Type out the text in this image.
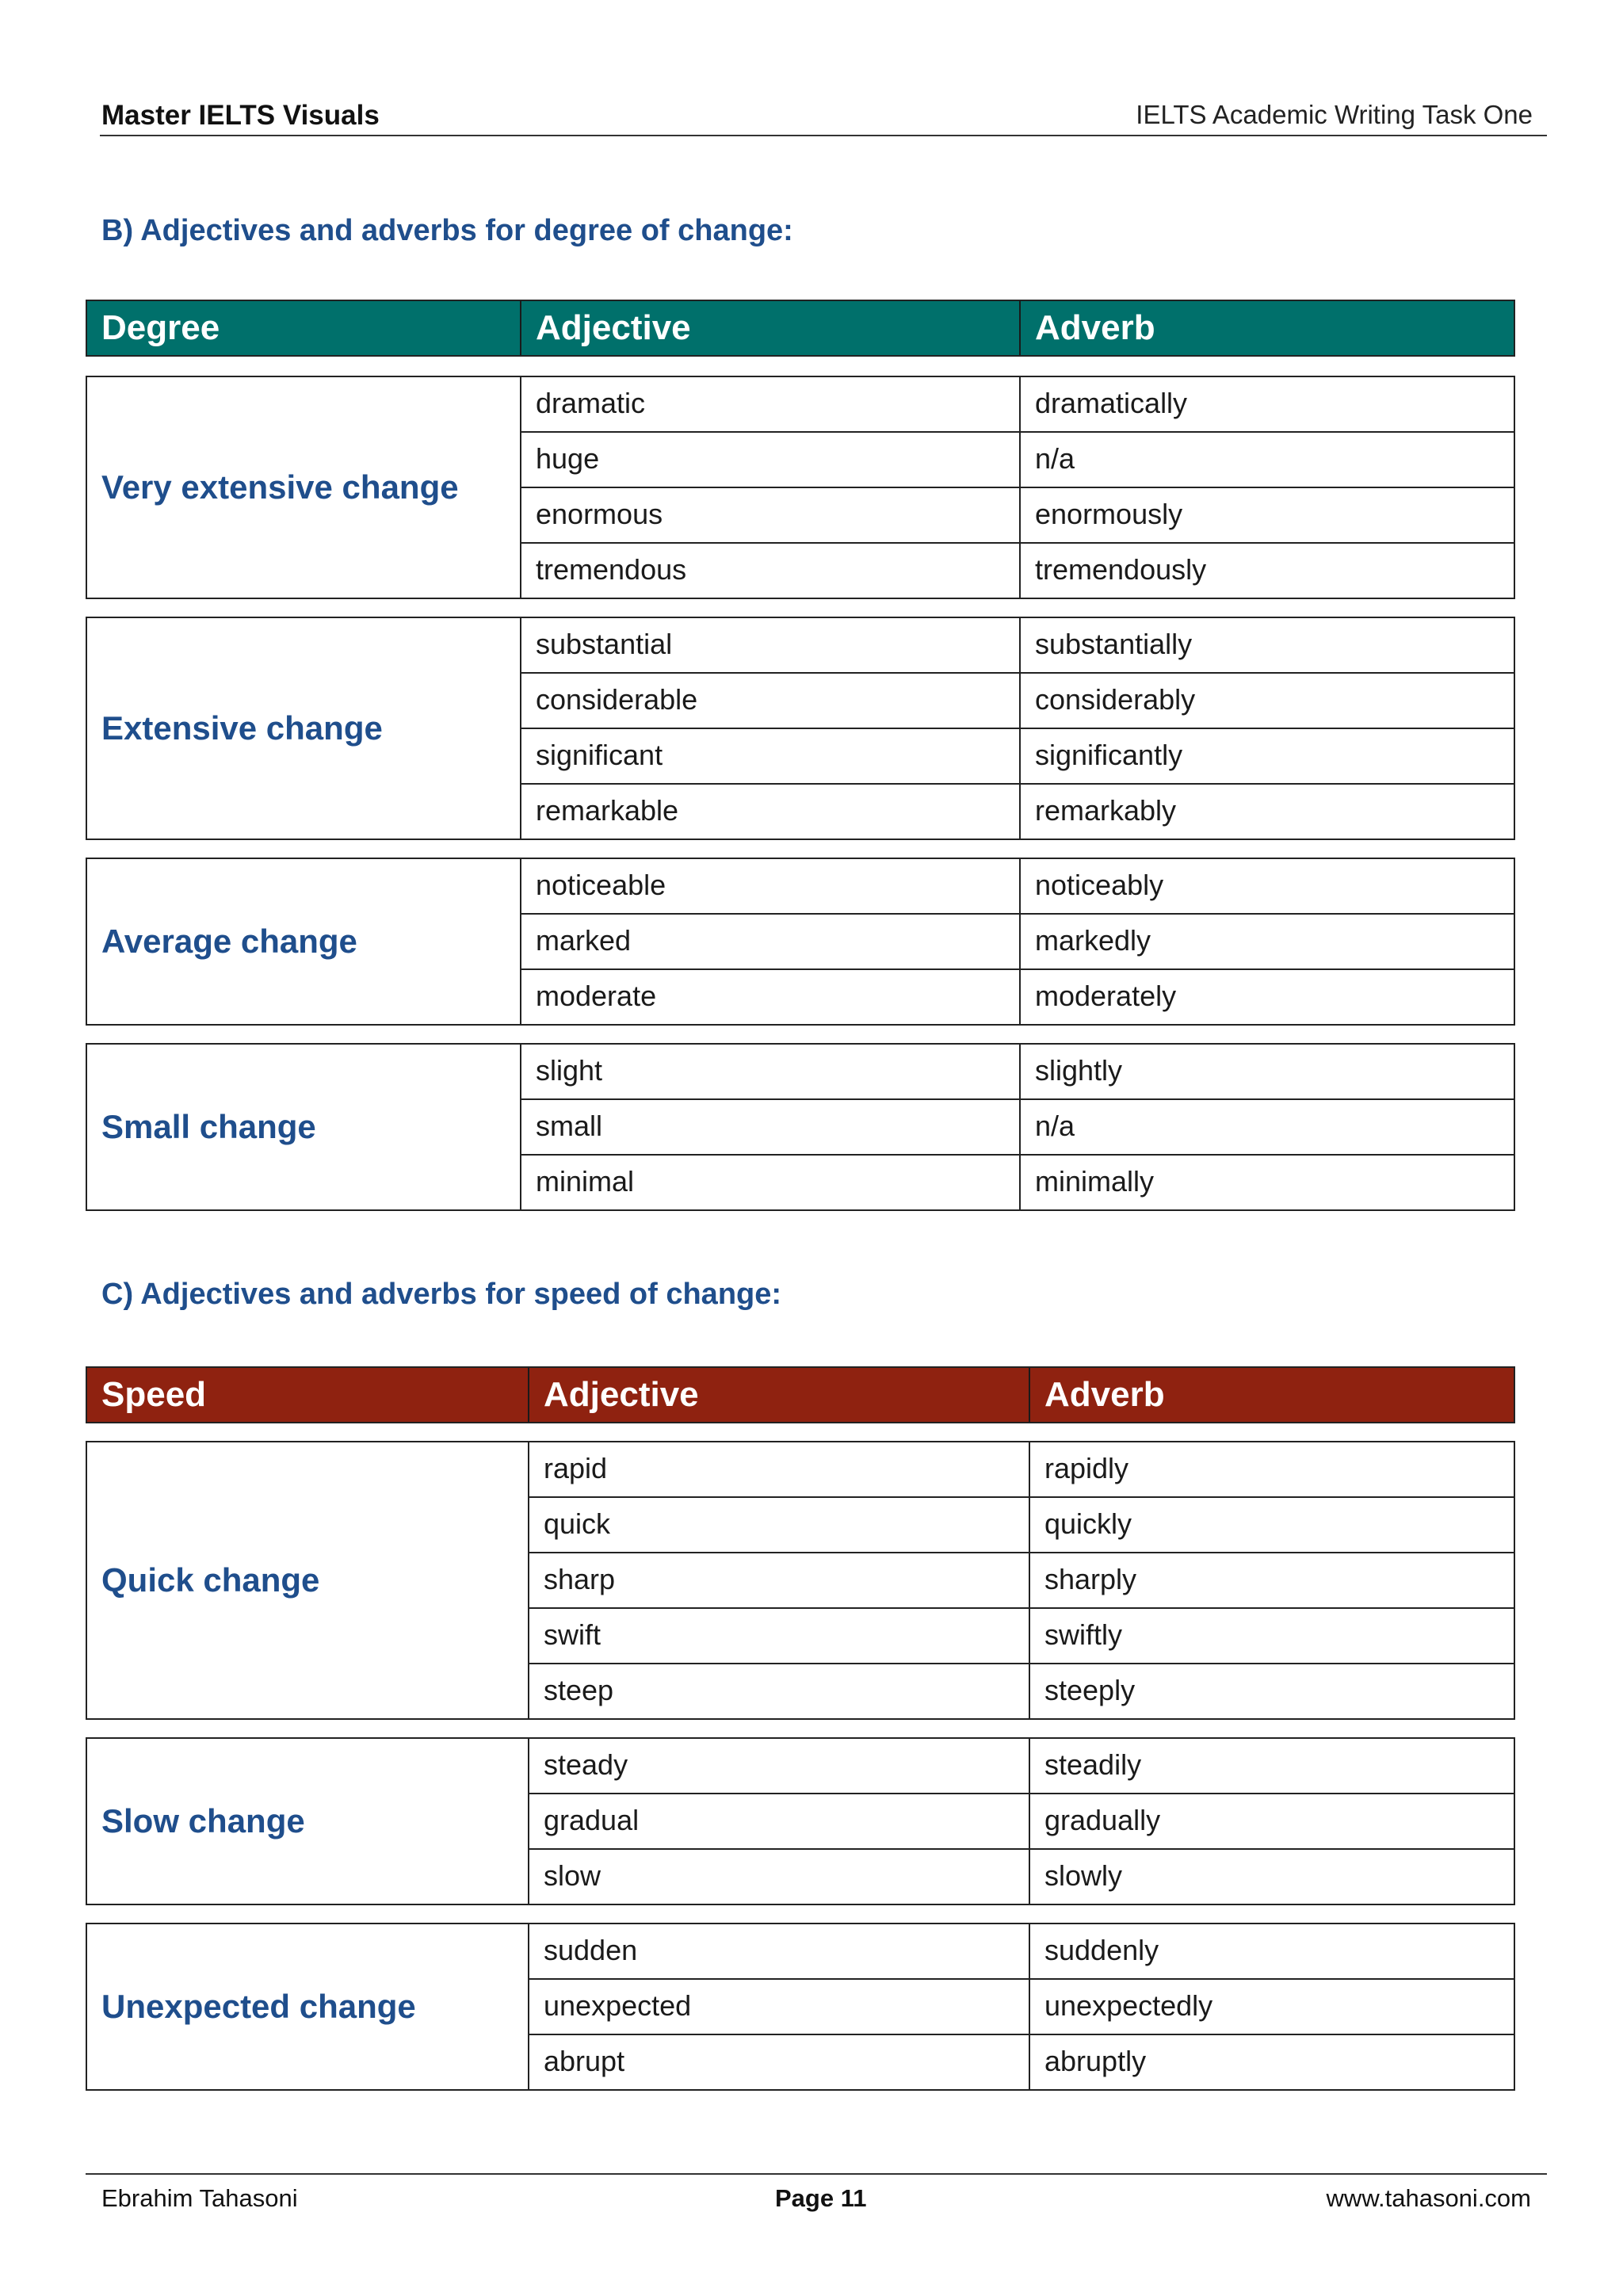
Master IELTS Visuals	IELTS Academic Writing Task One
B) Adjectives and adverbs for degree of change:
Degree	Adjective	Adverb
Very extensive change
dramatic	dramatically
huge	n/a
enormous	enormously
tremendous	tremendously
Extensive change
substantial	substantially
considerable	considerably
significant	significantly
remarkable	remarkably
Average change
noticeable	noticeably
marked	markedly
moderate	moderately
Small change
slight	slightly
small	n/a
minimal	minimally
C) Adjectives and adverbs for speed of change:
Speed	Adjective	Adverb
Quick change
rapid	rapidly
quick	quickly
sharp	sharply
swift	swiftly
steep	steeply
Slow change
steady	steadily
gradual	gradually
slow	slowly
Unexpected change
sudden	suddenly
unexpected	unexpectedly
abrupt	abruptly
Ebrahim Tahasoni	Page 11	www.tahasoni.com
